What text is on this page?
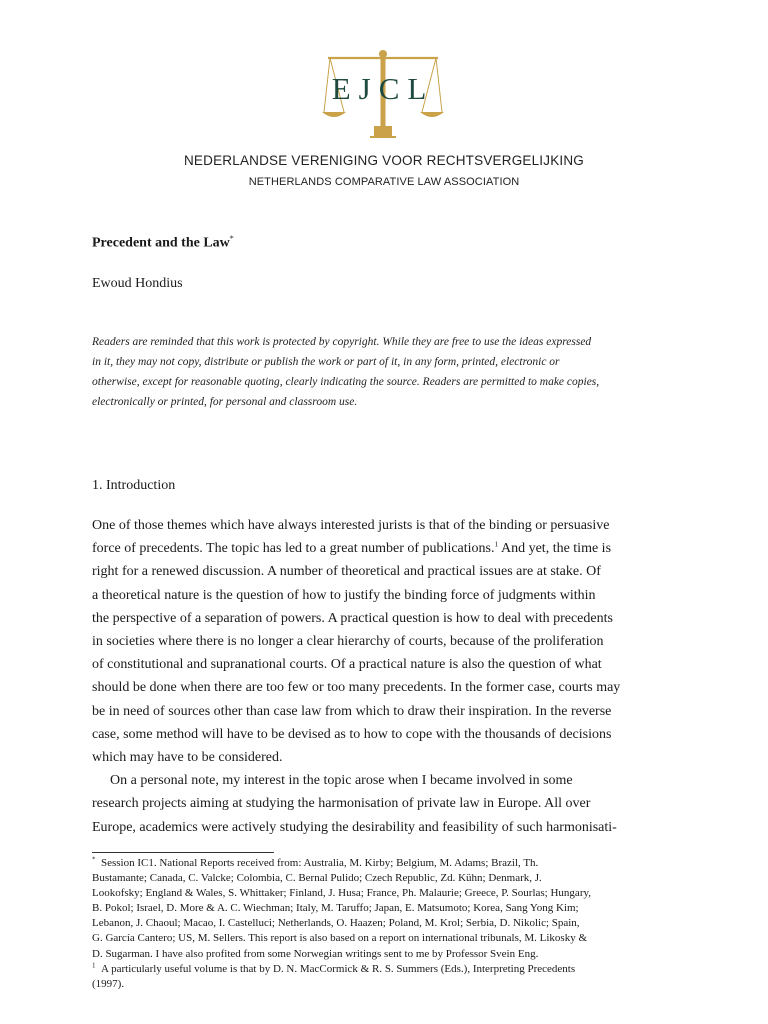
EJCL
NEDERLANDSE VERENIGING VOOR RECHTSVERGELIJKING
NETHERLANDS COMPARATIVE LAW ASSOCIATION
Precedent and the Law*
Ewoud Hondius
Readers are reminded that this work is protected by copyright. While they are free to use the ideas expressed
in it, they may not copy, distribute or publish the work or part of it, in any form, printed, electronic or
otherwise, except for reasonable quoting, clearly indicating the source. Readers are permitted to make copies,
electronically or printed, for personal and classroom use.
1. Introduction
One of those themes which have always interested jurists is that of the binding or persuasive
force of precedents. The topic has led to a great number of publications.$^1$ And yet, the time is
right for a renewed discussion. A number of theoretical and practical issues are at stake. Of
a theoretical nature is the question of how to justify the binding force of judgments within
the perspective of a separation of powers. A practical question is how to deal with precedents
in societies where there is no longer a clear hierarchy of courts, because of the proliferation
of constitutional and supranational courts. Of a practical nature is also the question of what
should be done when there are too few or too many precedents. In the former case, courts may
be in need of sources other than case law from which to draw their inspiration. In the reverse
case, some method will have to be devised as to how to cope with the thousands of decisions
which may have to be considered.
On a personal note, my interest in the topic arose when I became involved in some
research projects aiming at studying the harmonisation of private law in Europe. All over
Europe, academics were actively studying the desirability and feasibility of such harmonisati-
* Session IC1. National Reports received from: Australia, M. Kirby; Belgium, M. Adams; Brazil, Th.
Bustamante; Canada, C. Valcke; Colombia, C. Bernal Pulido; Czech Republic, Zd. Kühn; Denmark, J.
Lookofsky; England & Wales, S. Whittaker; Finland, J. Husa; France, Ph. Malaurie; Greece, P. Sourlas; Hungary,
B. Pokol; Israel, D. More & A. C. Wiechman; Italy, M. Taruffo; Japan, E. Matsumoto; Korea, Sang Yong Kim;
Lebanon, J. Chaoul; Macao, I. Castelluci; Netherlands, O. Haazen; Poland, M. Krol; Serbia, D. Nikolic; Spain,
G. García Cantero; US, M. Sellers. This report is also based on a report on international tribunals, M. Likosky &
D. Sugarman. I have also profited from some Norwegian writings sent to me by Professor Svein Eng.
$^1$ A particularly useful volume is that by D. N. MacCormick & R. S. Summers (Eds.), Interpreting Precedents
(1997).
